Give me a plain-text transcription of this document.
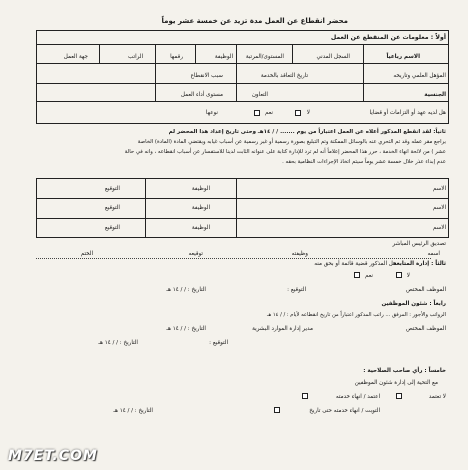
محضر انقطاع عن العمل مدة تزيد عن خمسة عشر يوماً
أولاً : معلومات عن المنقطع عن العمل
الاسم رباعياً
السجل المدني
المستوى/المرتبة
الوظيفة
رقمها
الراتب
جهة العمل
المؤهل العلمي وتاريخه
تاريخ التعاقد بالخدمة
سبب الانقطاع
الجنسية
التعاون
مستوى أداء العمل
هل لديه عهد أو التزامات أو قضايا
لا
نعم
نوعها
ثانياً: لقد انقطع المذكور أعلاه عن العمل اعتباراً من يوم ....... / / ١٤هـ وحتى تاريخ إعداد هذا المحضر لم
يراجع مقر عمله وقد تم التحري عنه بالوسائل الممكنة وتم التبليغ بصورة رسمية أو غير رسمية عن أسباب غيابه ويقتضي المادة (المادة) الخاصة
عشر ) من لائحة انهاء الخدمة ، حرر هذا المحضر إعلاماً أنه لم ترد للإدارة كتابة على عنوانه الثابت لدينا للاستفسار عن أسباب انقطاعه ، وانه في حالة
عدم إبداء عذر خلال خمسة عشر يوماً سيتم اتخاذ الإجراءات النظامية بحقه .
الاسم
الوظيفة
التوقيع
الاسم
الوظيفة
التوقيع
الاسم
الوظيفة
التوقيع
تصديق الرئيس المباشر
اسمه
وظيفته
توقيعه
الختم
ثالثاً : إدارة المتابعة
هل المذكور قضية قائمة أو بحق منه
لا
نعم
الموظف المختص
التوقيع :
التاريخ : / / ١٤ هـ
رابعاً : شئون الموظفين
الرواتب والأجور : المرفق ... راتب المذكور اعتباراً من تاريخ انقطاعه لأيام : / / ١٤ هـ
الموظف المختص
مدير إدارة الموارد البشرية
التاريخ : / / ١٤ هـ
التوقيع :
التاريخ : / / ١٤ هـ
خامساً : رأي صاحب الصلاحية :
مع التحية إلى إدارة شئون الموظفين
لا تعتمد
اعتمد / انهاء خدمته
التوبت / انهاء خدمته حتى تاريخ
التاريخ : / / ١٤ هـ
M7ET.COM
